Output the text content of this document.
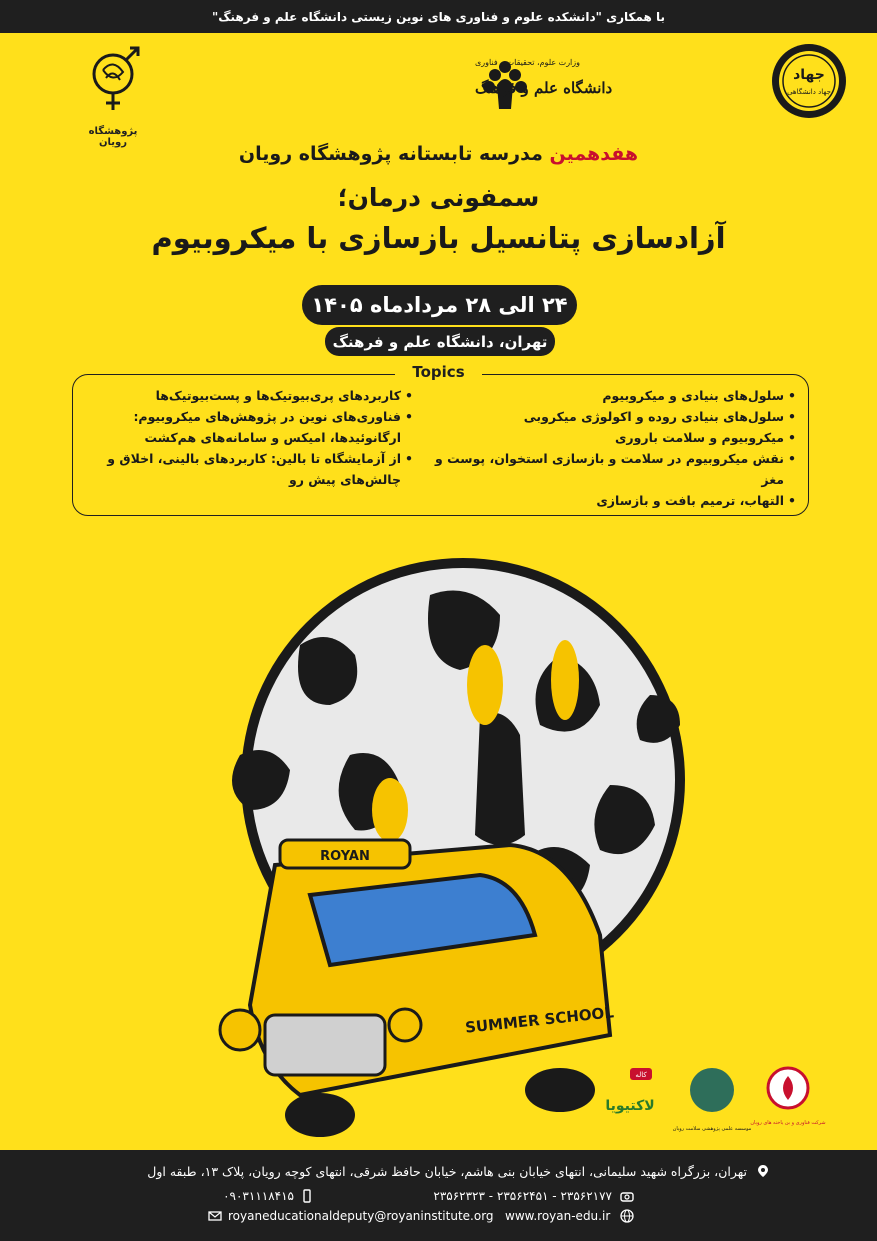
با همکاری "دانشکده علوم و فناوری های نوین زیستی دانشگاه علم و فرهنگ"
پژوهشگاه رویان
وزارت علوم، تحقیقات و فناوری
دانشگاه علم و فرهنگ
جهاد
جهاد دانشگاهی
هفدهمین مدرسه تابستانه پژوهشگاه رویان
سمفونی درمان؛
آزادسازی پتانسیل بازسازی با میکروبیوم
۲۴ الی ۲۸ مردادماه ۱۴۰۵
تهران، دانشگاه علم و فرهنگ
• سلول‌های بنیادی و میکروبیوم
• سلول‌های بنیادی روده و اکولوژی میکروبی
• میکروبیوم و سلامت باروری
• نقش میکروبیوم در سلامت و بازسازی استخوان، پوست و مغز
• التهاب، ترمیم بافت و بازسازی
• کاربردهای پری‌بیوتیک‌ها و پست‌بیوتیک‌ها
• فناوری‌های نوین در پژوهش‌های میکروبیوم: ارگانوئیدها، امیکس و سامانه‌های هم‌کشت
• از آزمایشگاه تا بالین: کاربردهای بالینی، اخلاق و چالش‌های پیش رو
Topics
ROYAN
SUMMER SCHOOL
کاله
لاکتیویا
موسسه علمی پژوهشی سلامت رویان
شرکت فناوری و بن یاخته های رویان
تهران، بزرگراه شهید سلیمانی، انتهای خیابان بنی هاشم، خیابان حافظ شرقی، انتهای کوچه رویان، پلاک ۱۳، طبقه اول
۲۳۵۶۲۱۷۷ - ۲۳۵۶۲۴۵۱ - ۲۳۵۶۲۳۲۳
۰۹۰۳۱۱۱۸۴۱۵
www.royan-edu.ir
royaneducationaldeputy@royaninstitute.org
